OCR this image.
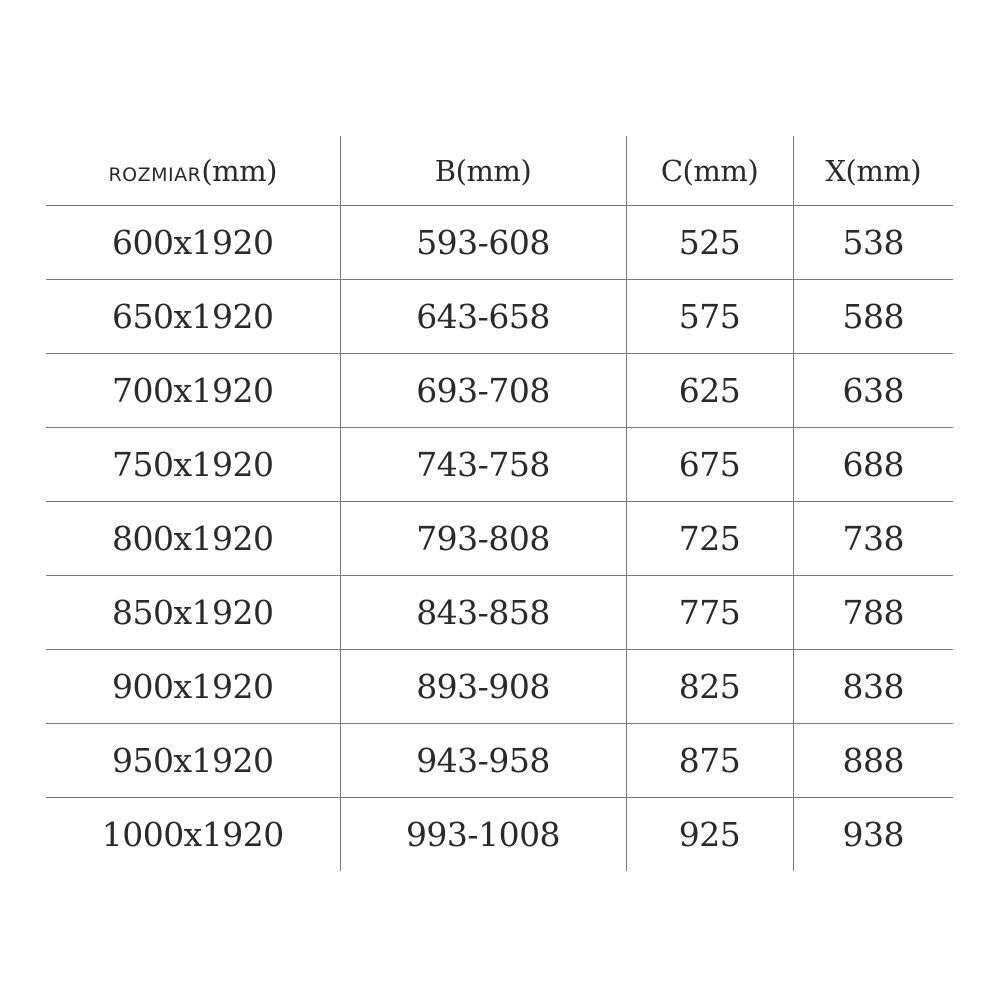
ROZMIAR(mm)	B(mm)	C(mm)	X(mm)
600x1920	593-608	525	538
650x1920	643-658	575	588
700x1920	693-708	625	638
750x1920	743-758	675	688
800x1920	793-808	725	738
850x1920	843-858	775	788
900x1920	893-908	825	838
950x1920	943-958	875	888
1000x1920	993-1008	925	938
